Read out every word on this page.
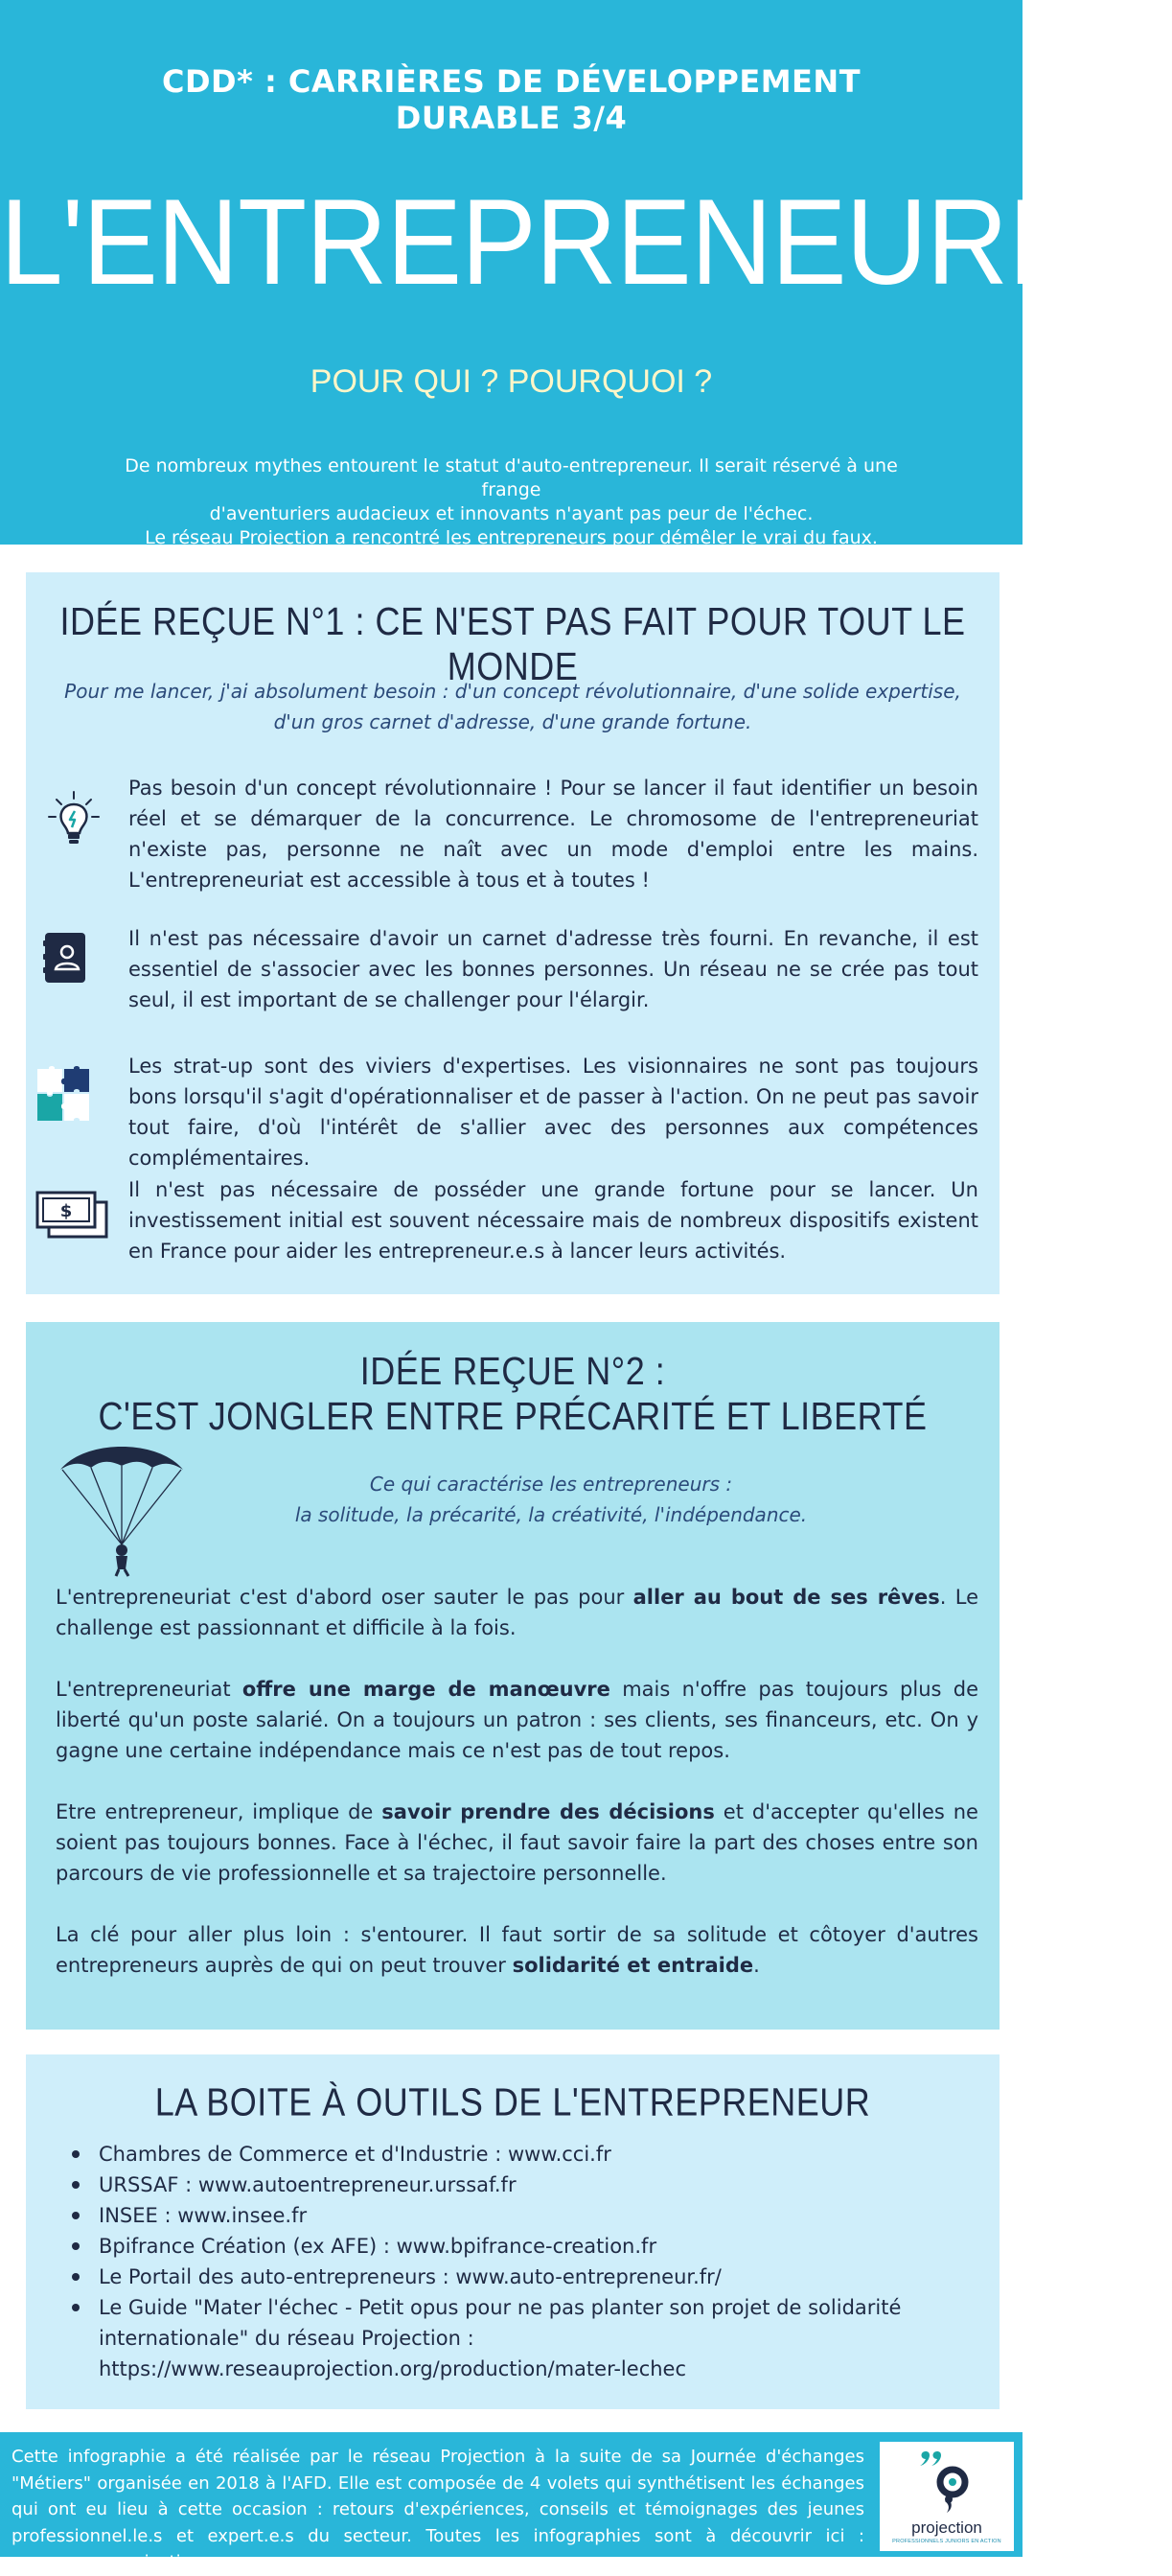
CDD* : CARRIÈRES DE DÉVELOPPEMENT
DURABLE 3/4
L'ENTREPRENEURIAT
POUR QUI ? POURQUOI ?
De nombreux mythes entourent le statut d'auto-entrepreneur. Il serait réservé à une frange
d'aventuriers audacieux et innovants n'ayant pas peur de l'échec.
Le réseau Projection a rencontré les entrepreneurs pour démêler le vrai du faux.
IDÉE REÇUE N°1 : CE N'EST PAS FAIT POUR TOUT LE MONDE
Pour me lancer, j'ai absolument besoin : d'un concept révolutionnaire, d'une solide expertise, d'un gros carnet d'adresse, d'une grande fortune.

Pas besoin d'un concept révolutionnaire ! Pour se lancer il faut identifier un besoin réel et se démarquer de la concurrence. Le chromosome de l'entrepreneuriat n'existe pas, personne ne naît avec un mode d'emploi entre les mains. L'entrepreneuriat est accessible à tous et à toutes !

Il n'est pas nécessaire d'avoir un carnet d'adresse très fourni. En revanche, il est essentiel de s'associer avec les bonnes personnes. Un réseau ne se crée pas tout seul, il est important de se challenger pour l'élargir.

Les strat-up sont des viviers d'expertises. Les visionnaires ne sont pas toujours bons lorsqu'il s'agit d'opérationnaliser et de passer à l'action. On ne peut pas savoir tout faire, d'où l'intérêt de s'allier avec des personnes aux compétences complémentaires.

Il n'est pas nécessaire de posséder une grande fortune pour se lancer. Un investissement initial est souvent nécessaire mais de nombreux dispositifs existent en France pour aider les entrepreneur.e.s à lancer leurs activités.

$
IDÉE REÇUE N°2 :
C'EST JONGLER ENTRE PRÉCARITÉ ET LIBERTÉ
Ce qui caractérise les entrepreneurs :
la solitude, la précarité, la créativité, l'indépendance.

L'entrepreneuriat c'est d'abord oser sauter le pas pour aller au bout de ses rêves. Le challenge est passionnant et difficile à la fois.

L'entrepreneuriat offre une marge de manœuvre mais n'offre pas toujours plus de liberté qu'un poste salarié. On a toujours un patron : ses clients, ses financeurs, etc. On y gagne une certaine indépendance mais ce n'est pas de tout repos.

Etre entrepreneur, implique de savoir prendre des décisions et d'accepter qu'elles ne soient pas toujours bonnes. Face à l'échec, il faut savoir faire la part des choses entre son parcours de vie professionnelle et sa trajectoire personnelle.

La clé pour aller plus loin : s'entourer. Il faut sortir de sa solitude et côtoyer d'autres entrepreneurs auprès de qui on peut trouver solidarité et entraide.

LA BOITE À OUTILS DE L'ENTREPRENEUR
Chambres de Commerce et d'Industrie : www.cci.fr
URSSAF : www.autoentrepreneur.urssaf.fr
INSEE : www.insee.fr
Bpifrance Création (ex AFE) : www.bpifrance-creation.fr
Le Portail des auto-entrepreneurs : www.auto-entrepreneur.fr/
Le Guide "Mater l'échec - Petit opus pour ne pas planter son projet de solidarité internationale" du réseau Projection : https://www.reseauprojection.org/production/mater-lechec

Cette infographie a été réalisée par le réseau Projection à la suite de sa Journée d'échanges "Métiers" organisée en 2018 à l'AFD. Elle est composée de 4 volets qui synthétisent les échanges qui ont eu lieu à cette occasion : retours d'expériences, conseils et témoignages des jeunes professionnel.le.s et expert.e.s du secteur. Toutes les infographies sont à découvrir ici : www.reseauprojection.org

projection
PROFESSIONNELS JUNIORS EN ACTION
